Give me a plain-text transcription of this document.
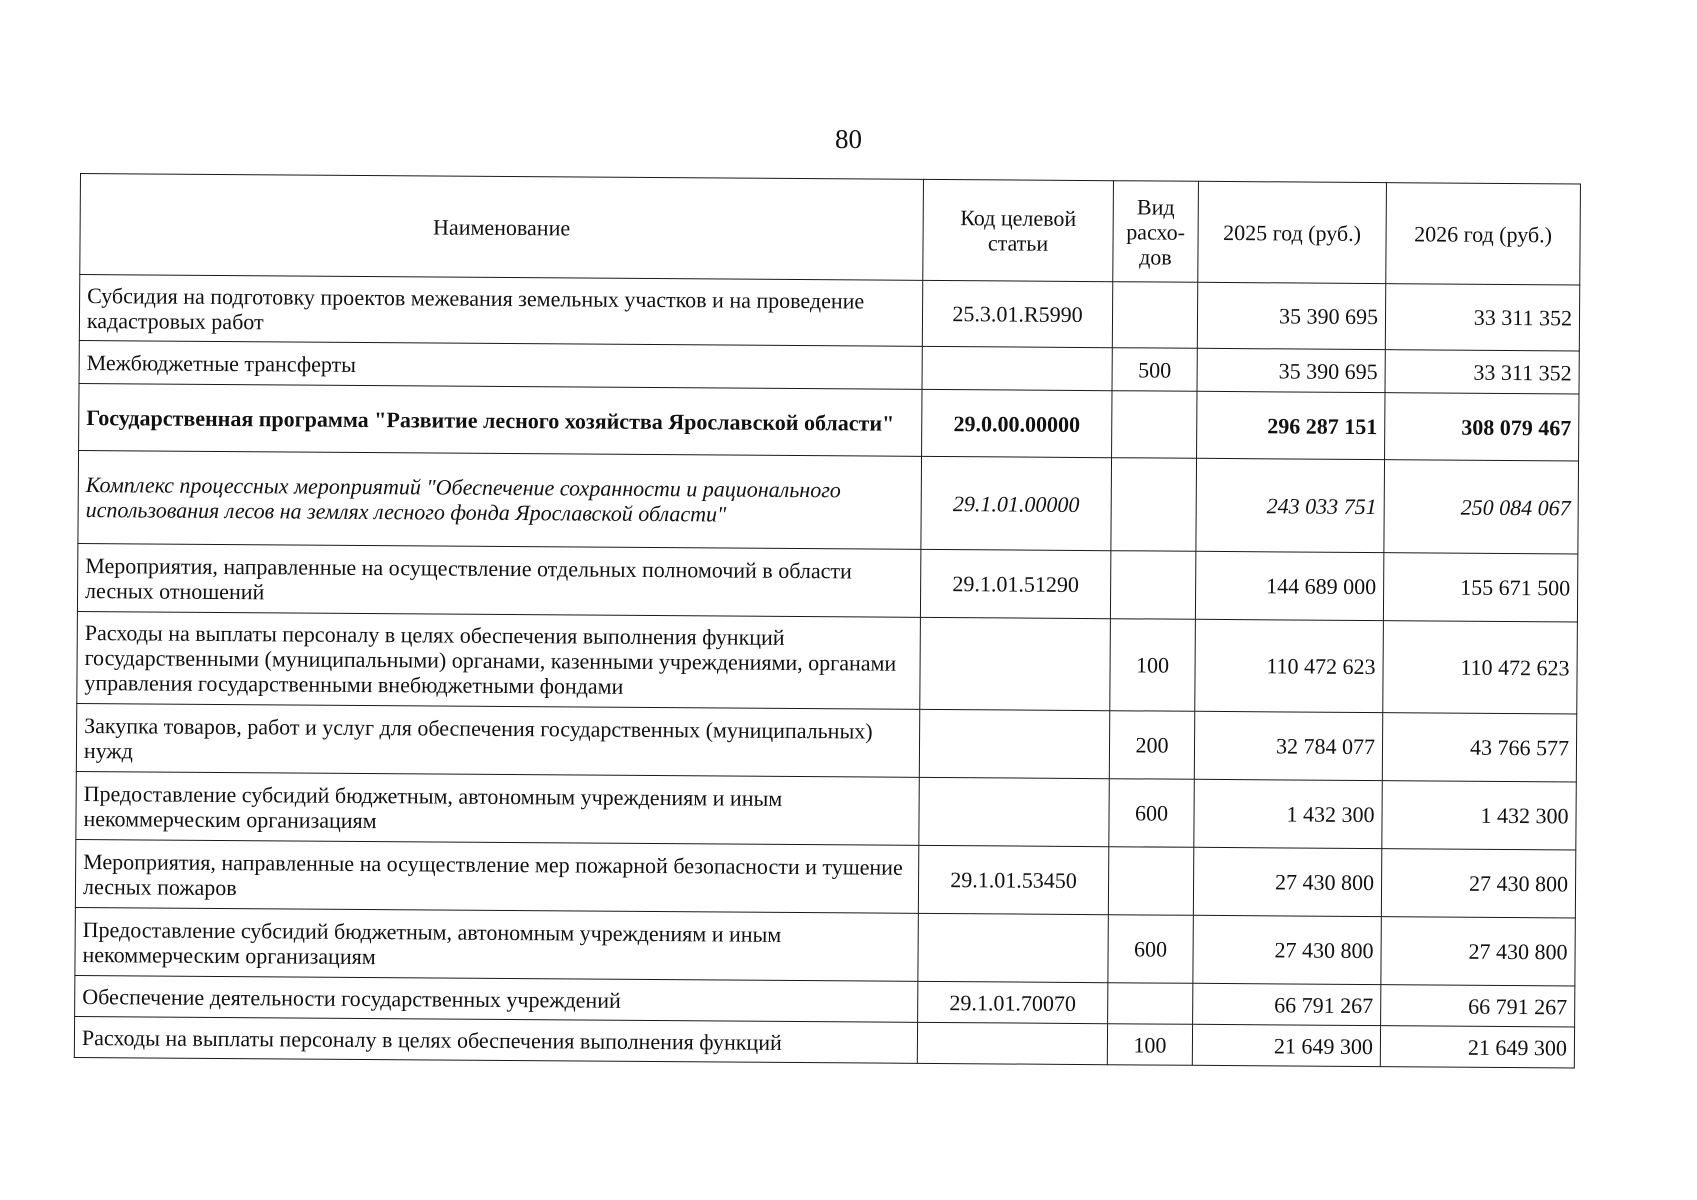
80
Наименование	Код целевой статьи	Вид расхо-дов	2025 год (руб.)	2026 год (руб.)
Субсидия на подготовку проектов межевания земельных участков и на проведение кадастровых работ	25.3.01.R5990		35 390 695	33 311 352
Межбюджетные трансферты		500	35 390 695	33 311 352
Государственная программа "Развитие лесного хозяйства Ярославской области"	29.0.00.00000		296 287 151	308 079 467
Комплекс процессных мероприятий "Обеспечение сохранности и рационального использования лесов на землях лесного фонда Ярославской области"	29.1.01.00000		243 033 751	250 084 067
Мероприятия, направленные на осуществление отдельных полномочий в области лесных отношений	29.1.01.51290		144 689 000	155 671 500
Расходы на выплаты персоналу в целях обеспечения выполнения функций государственными (муниципальными) органами, казенными учреждениями, органами управления государственными внебюджетными фондами		100	110 472 623	110 472 623
Закупка товаров, работ и услуг для обеспечения государственных (муниципальных) нужд		200	32 784 077	43 766 577
Предоставление субсидий бюджетным, автономным учреждениям и иным некоммерческим организациям		600	1 432 300	1 432 300
Мероприятия, направленные на осуществление мер пожарной безопасности и тушение лесных пожаров	29.1.01.53450		27 430 800	27 430 800
Предоставление субсидий бюджетным, автономным учреждениям и иным некоммерческим организациям		600	27 430 800	27 430 800
Обеспечение деятельности государственных учреждений	29.1.01.70070		66 791 267	66 791 267
Расходы на выплаты персоналу в целях обеспечения выполнения функций		100	21 649 300	21 649 300
